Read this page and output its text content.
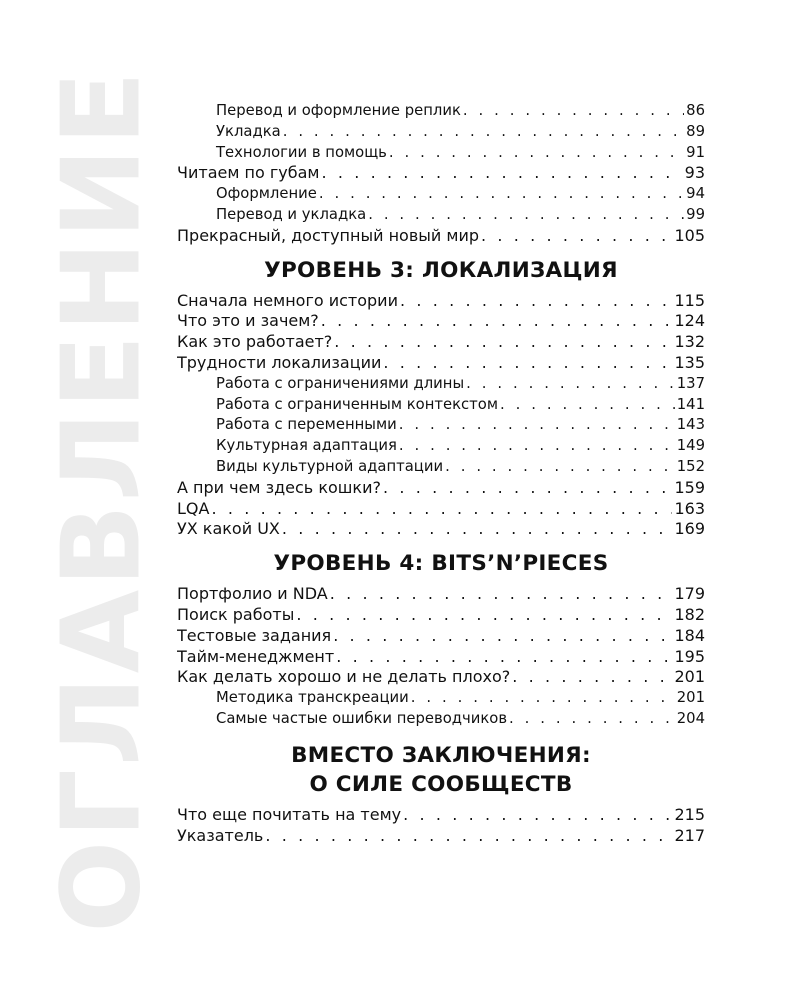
ОГЛАВЛЕНИЕ	Перевод и оформление реплик . . .	86
Укладка . . .	89
Технологии в помощь . . .	91
Читаем по губам . . .	93
Оформление . . .	94
Перевод и укладка . . .	99
Прекрасный, доступный новый мир . . .	105
УРОВЕНЬ 3: ЛОКАЛИЗАЦИЯ
Сначала немного истории . . .	115
Что это и зачем? . . .	124
Как это работает? . . .	132
Трудности локализации . . .	135
Работа с ограничениями длины . . .	137
Работа с ограниченным контекстом . . .	141
Работа с переменными . . .	143
Культурная адаптация . . .	149
Виды культурной адаптации . . .	152
А при чем здесь кошки? . . .	159
LQA . . .	163
УХ какой UX . . .	169
УРОВЕНЬ 4: BITS’N’PIECES
Портфолио и NDA . . .	179
Поиск работы . . .	182
Тестовые задания . . .	184
Тайм-менеджмент . . .	195
Как делать хорошо и не делать плохо? . . .	201
Методика транскреации . . .	201
Самые частые ошибки переводчиков . . .	204
ВМЕСТО ЗАКЛЮЧЕНИЯ:
О СИЛЕ СООБЩЕСТВ
Что еще почитать на тему . . .	215
Указатель . . .	217
